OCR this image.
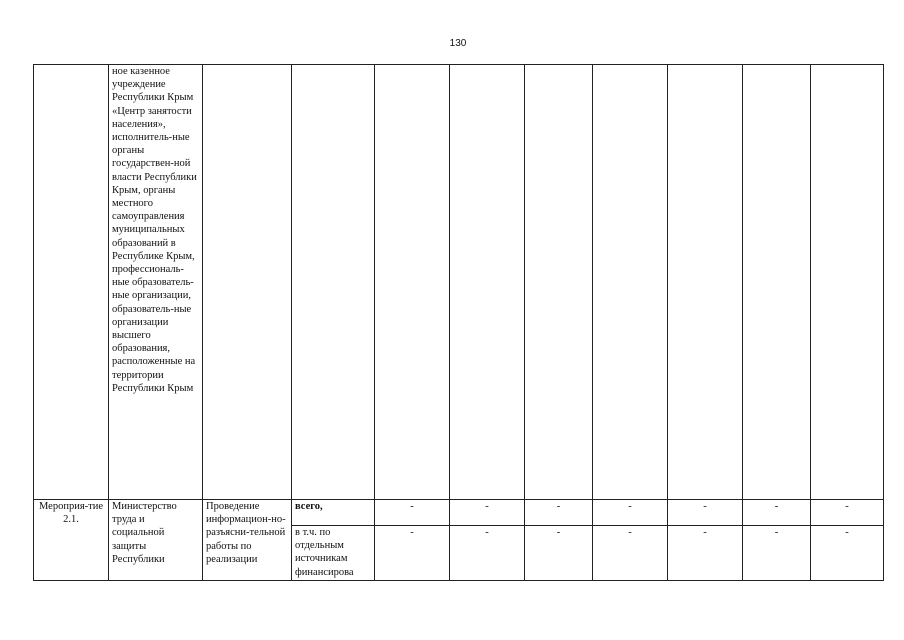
130
	ное казенное учреждение Республики Крым «Центр занятости населения», исполнитель-ные органы государствен-ной власти Республики Крым, органы местного самоуправления муниципальных образований в Республике Крым, профессиональ-ные образователь-ные организации, образователь-ные организации высшего образования, расположенные на территории Республики Крым									
Мероприя-тие 2.1.	Министерство труда и социальной защиты Республики	Проведение информацион-но-разъясни-тельной работы по реализации	всего,	-	-	-	-	-	-	-
			в т.ч. по отдельным источникам финансирова	-	-	-	-	-	-	-
